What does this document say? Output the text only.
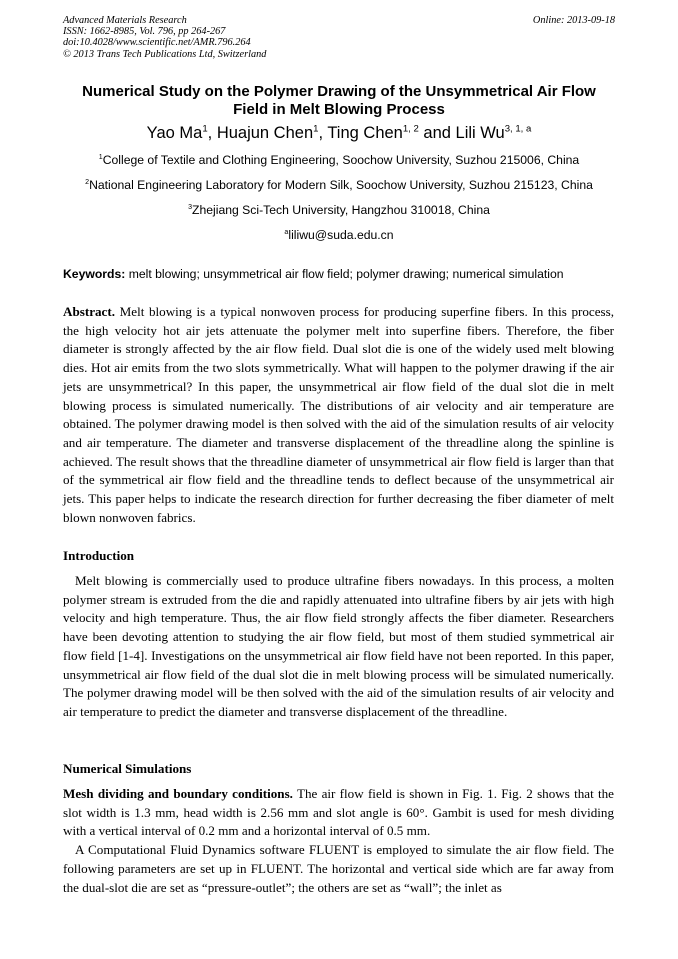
Advanced Materials Research
ISSN: 1662-8985, Vol. 796, pp 264-267
doi:10.4028/www.scientific.net/AMR.796.264
© 2013 Trans Tech Publications Ltd, Switzerland
Online: 2013-09-18
Numerical Study on the Polymer Drawing of the Unsymmetrical Air Flow
Field in Melt Blowing Process
Yao Ma$^1$, Huajun Chen$^1$, Ting Chen$^{1, 2}$ and Lili Wu$^{3, 1, a}$
$^1$College of Textile and Clothing Engineering, Soochow University, Suzhou 215006, China
$^2$National Engineering Laboratory for Modern Silk, Soochow University, Suzhou 215123, China
$^3$Zhejiang Sci-Tech University, Hangzhou 310018, China
$^a$liliwu@suda.edu.cn
Keywords: melt blowing; unsymmetrical air flow field; polymer drawing; numerical simulation

Abstract. Melt blowing is a typical nonwoven process for producing superfine fibers. In this process, the high velocity hot air jets attenuate the polymer melt into superfine fibers. Therefore, the fiber diameter is strongly affected by the air flow field. Dual slot die is one of the widely used melt blowing dies. Hot air emits from the two slots symmetrically. What will happen to the polymer drawing if the air jets are unsymmetrical? In this paper, the unsymmetrical air flow field of the dual slot die in melt blowing process is simulated numerically. The distributions of air velocity and air temperature are obtained. The polymer drawing model is then solved with the aid of the simulation results of air velocity and air temperature. The diameter and transverse displacement of the threadline along the spinline is achieved. The result shows that the threadline diameter of unsymmetrical air flow field is larger than that of the symmetrical air flow field and the threadline tends to deflect because of the unsymmetrical air jets. This paper helps to indicate the research direction for further decreasing the fiber diameter of melt blown nonwoven fabrics.

Introduction

Melt blowing is commercially used to produce ultrafine fibers nowadays. In this process, a molten polymer stream is extruded from the die and rapidly attenuated into ultrafine fibers by air jets with high velocity and high temperature. Thus, the air flow field strongly affects the fiber diameter. Researchers have been devoting attention to studying the air flow field, but most of them studied symmetrical air flow field [1-4]. Investigations on the unsymmetrical air flow field have not been reported. In this paper, unsymmetrical air flow field of the dual slot die in melt blowing process will be simulated numerically. The polymer drawing model will be then solved with the aid of the simulation results of air velocity and air temperature to predict the diameter and transverse displacement of the threadline.

Numerical Simulations

Mesh dividing and boundary conditions. The air flow field is shown in Fig. 1. Fig. 2 shows that the slot width is 1.3 mm, head width is 2.56 mm and slot angle is 60°. Gambit is used for mesh dividing with a vertical interval of 0.2 mm and a horizontal interval of 0.5 mm.

A Computational Fluid Dynamics software FLUENT is employed to simulate the air flow field. The following parameters are set up in FLUENT. The horizontal and vertical side which are far away from the dual-slot die are set as “pressure-outlet”; the others are set as “wall”; the inlet as
